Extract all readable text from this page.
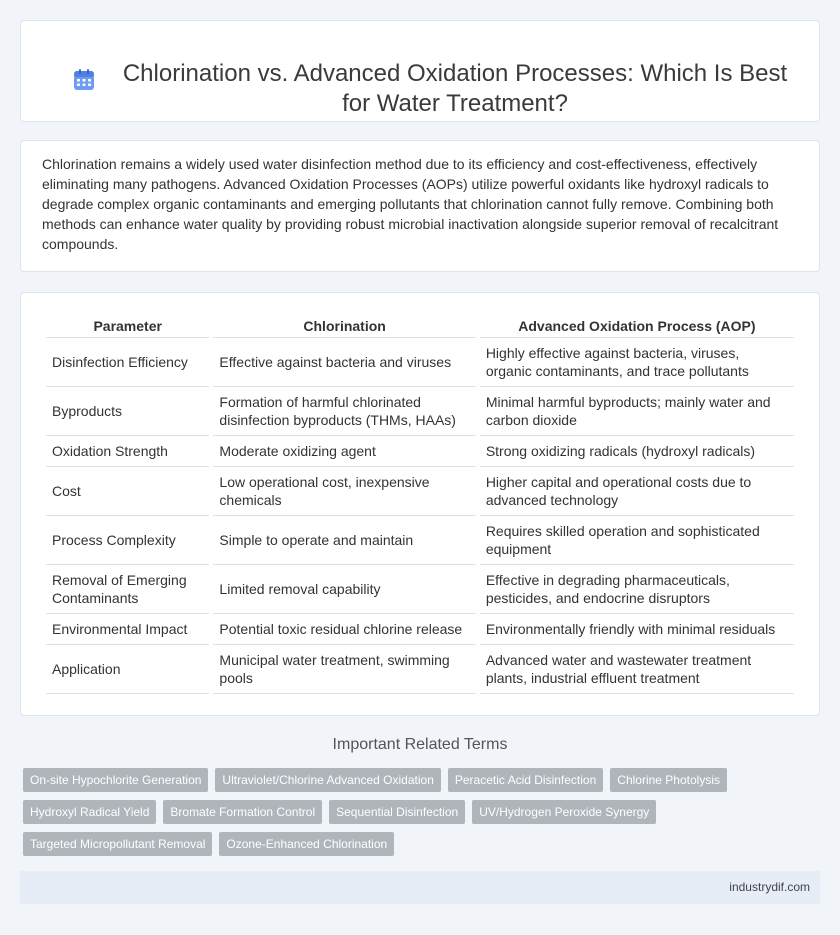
Chlorination vs. Advanced Oxidation Processes: Which Is Best for Water Treatment?

Chlorination remains a widely used water disinfection method due to its efficiency and cost-effectiveness, effectively eliminating many pathogens. Advanced Oxidation Processes (AOPs) utilize powerful oxidants like hydroxyl radicals to degrade complex organic contaminants and emerging pollutants that chlorination cannot fully remove. Combining both methods can enhance water quality by providing robust microbial inactivation alongside superior removal of recalcitrant compounds.

Parameter	Chlorination	Advanced Oxidation Process (AOP)
Disinfection Efficiency	Effective against bacteria and viruses	Highly effective against bacteria, viruses, organic contaminants, and trace pollutants
Byproducts	Formation of harmful chlorinated disinfection byproducts (THMs, HAAs)	Minimal harmful byproducts; mainly water and carbon dioxide
Oxidation Strength	Moderate oxidizing agent	Strong oxidizing radicals (hydroxyl radicals)
Cost	Low operational cost, inexpensive chemicals	Higher capital and operational costs due to advanced technology
Process Complexity	Simple to operate and maintain	Requires skilled operation and sophisticated equipment
Removal of Emerging Contaminants	Limited removal capability	Effective in degrading pharmaceuticals, pesticides, and endocrine disruptors
Environmental Impact	Potential toxic residual chlorine release	Environmentally friendly with minimal residuals
Application	Municipal water treatment, swimming pools	Advanced water and wastewater treatment plants, industrial effluent treatment
Important Related Terms
On-site Hypochlorite Generation	Ultraviolet/Chlorine Advanced Oxidation	Peracetic Acid Disinfection	Chlorine Photolysis
Hydroxyl Radical Yield	Bromate Formation Control	Sequential Disinfection	UV/Hydrogen Peroxide Synergy
Targeted Micropollutant Removal	Ozone-Enhanced Chlorination
industrydif.com
